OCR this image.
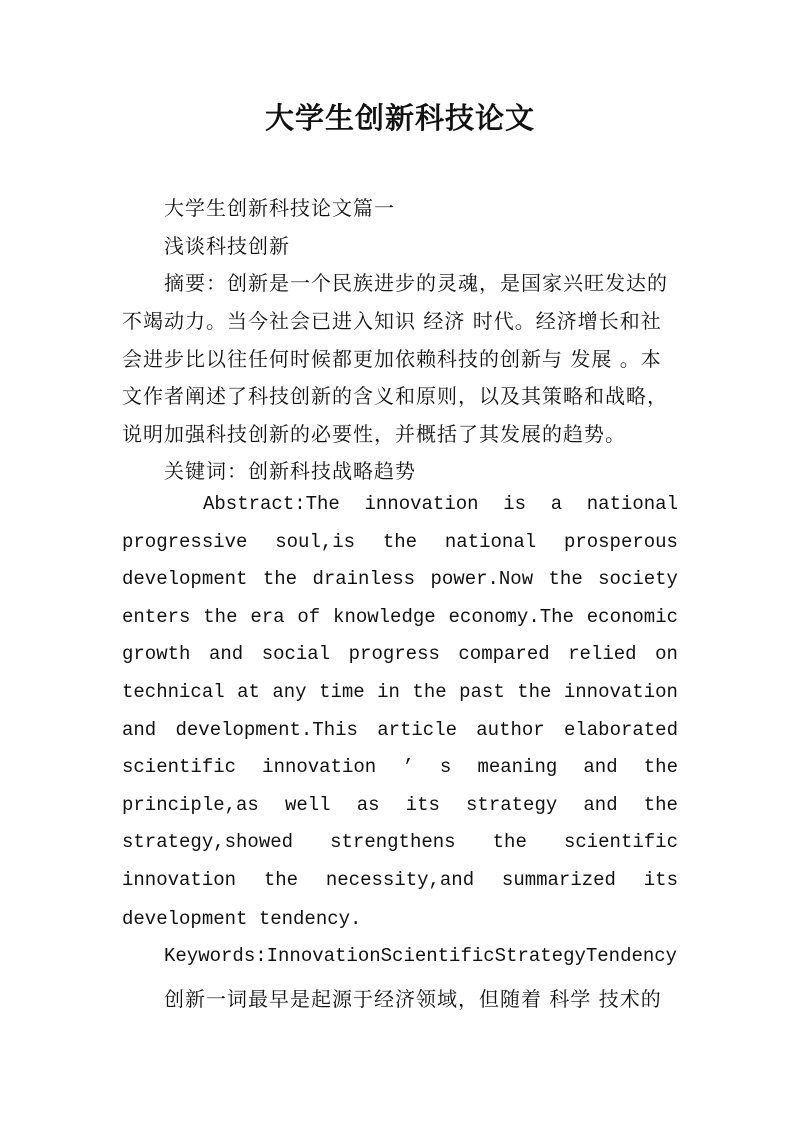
大学生创新科技论文
大学生创新科技论文篇一
浅谈科技创新
摘要：创新是一个民族进步的灵魂，是国家兴旺发达的
不竭动力。当今社会已进入知识 经济 时代。经济增长和社
会进步比以往任何时候都更加依赖科技的创新与 发展 。本
文作者阐述了科技创新的含义和原则，以及其策略和战略，
说明加强科技创新的必要性，并概括了其发展的趋势。
关键词：创新科技战略趋势
Abstract:The innovation is a national
progressive soul,is the national prosperous
development the drainless power.Now the society
enters the era of knowledge economy.The economic
growth and social progress compared relied on
technical at any time in the past the innovation
and development.This article author elaborated
scientific innovation ’ s meaning and the
principle,as well as its strategy and the
strategy,showed strengthens the scientific
innovation the necessity,and summarized its
development tendency.
Keywords:InnovationScientificStrategyTendency
创新一词最早是起源于经济领域，但随着 科学 技术的
